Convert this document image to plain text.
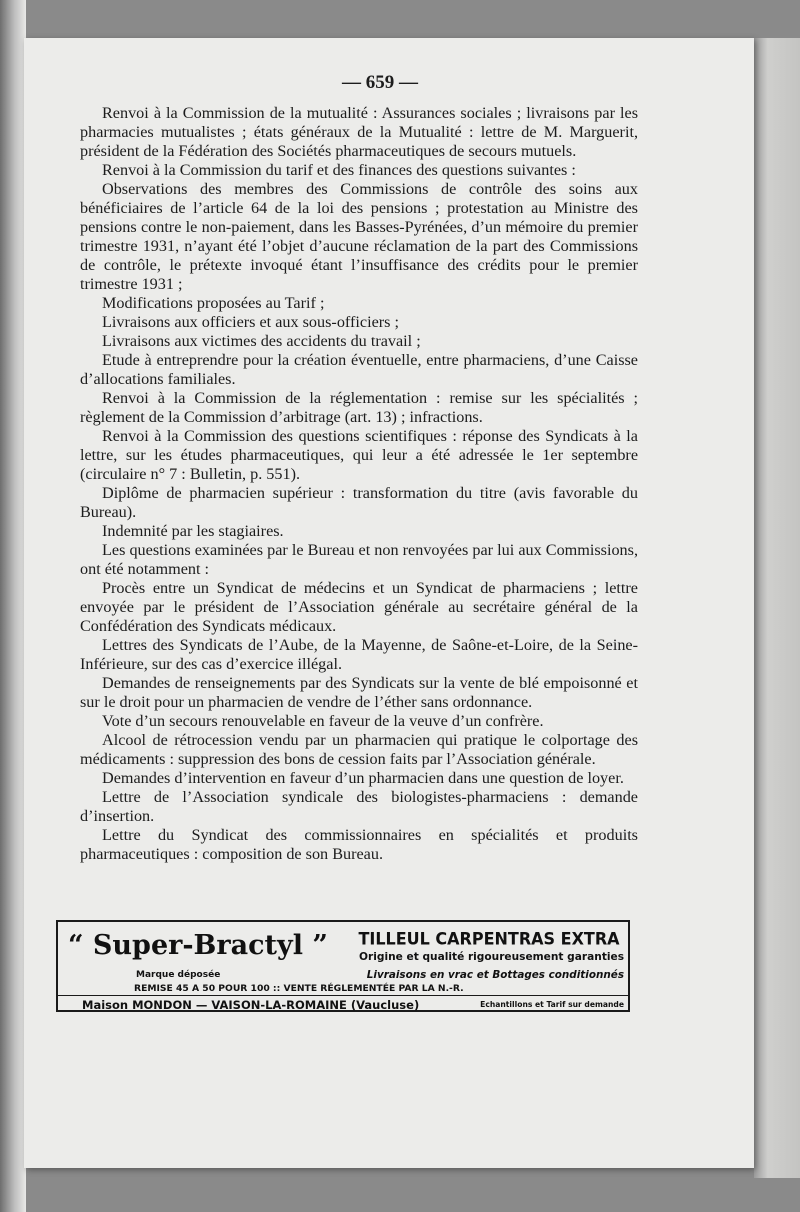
— 659 —

Renvoi à la Commission de la mutualité : Assurances sociales ; livraisons par les pharmacies mutualistes ; états généraux de la Mutualité : lettre de M. Marguerit, président de la Fédération des Sociétés pharmaceutiques de secours mutuels.

Renvoi à la Commission du tarif et des finances des questions suivantes :

Observations des membres des Commissions de contrôle des soins aux bénéficiaires de l’article 64 de la loi des pensions ; protestation au Ministre des pensions contre le non-paiement, dans les Basses-Pyrénées, d’un mémoire du premier trimestre 1931, n’ayant été l’objet d’aucune réclamation de la part des Commissions de contrôle, le prétexte invoqué étant l’insuffisance des crédits pour le premier trimestre 1931 ;

Modifications proposées au Tarif ;

Livraisons aux officiers et aux sous-officiers ;

Livraisons aux victimes des accidents du travail ;

Etude à entreprendre pour la création éventuelle, entre pharmaciens, d’une Caisse d’allocations familiales.

Renvoi à la Commission de la réglementation : remise sur les spécialités ; règlement de la Commission d’arbitrage (art. 13) ; infractions.

Renvoi à la Commission des questions scientifiques : réponse des Syndicats à la lettre, sur les études pharmaceutiques, qui leur a été adressée le 1er septembre (circulaire n° 7 : Bulletin, p. 551).

Diplôme de pharmacien supérieur : transformation du titre (avis favorable du Bureau).

Indemnité par les stagiaires.

Les questions examinées par le Bureau et non renvoyées par lui aux Commissions, ont été notamment :

Procès entre un Syndicat de médecins et un Syndicat de pharmaciens ; lettre envoyée par le président de l’Association générale au secrétaire général de la Confédération des Syndicats médicaux.

Lettres des Syndicats de l’Aube, de la Mayenne, de Saône-et-Loire, de la Seine-Inférieure, sur des cas d’exercice illégal.

Demandes de renseignements par des Syndicats sur la vente de blé empoisonné et sur le droit pour un pharmacien de vendre de l’éther sans ordonnance.

Vote d’un secours renouvelable en faveur de la veuve d’un confrère.

Alcool de rétrocession vendu par un pharmacien qui pratique le colportage des médicaments : suppression des bons de cession faits par l’Association générale.

Demandes d’intervention en faveur d’un pharmacien dans une question de loyer.

Lettre de l’Association syndicale des biologistes-pharmaciens : demande d’insertion.

Lettre du Syndicat des commissionnaires en spécialités et produits pharmaceutiques : composition de son Bureau.

“ Super-Bractyl ” TILLEUL CARPENTRAS EXTRA

Origine et qualité rigoureusement garanties
Marque déposée	Livraisons en vrac et Bottages conditionnés
REMISE 45 A 50 POUR 100 :: VENTE RÉGLEMENTÉE PAR LA N.-R.
Maison MONDON — VAISON-LA-ROMAINE (Vaucluse)	Echantillons et Tarif sur demande
